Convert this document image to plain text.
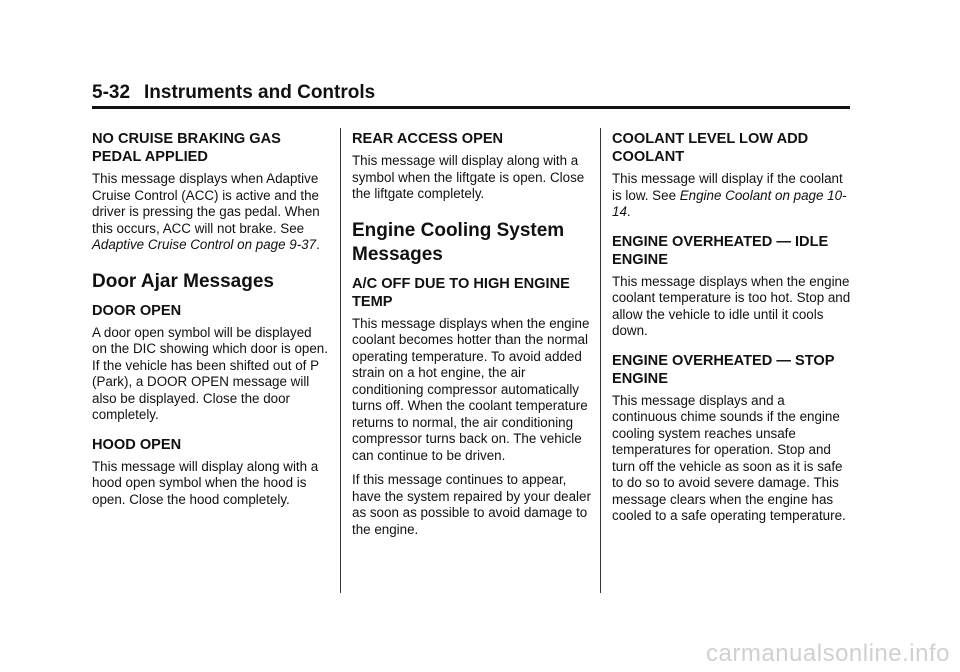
5-32 Instruments and Controls
NO CRUISE BRAKING GAS PEDAL APPLIED

This message displays when Adaptive Cruise Control (ACC) is active and the driver is pressing the gas pedal. When this occurs, ACC will not brake. See Adaptive Cruise Control on page 9-37.

Door Ajar Messages
DOOR OPEN

A door open symbol will be displayed on the DIC showing which door is open. If the vehicle has been shifted out of P (Park), a DOOR OPEN message will also be displayed. Close the door completely.

HOOD OPEN

This message will display along with a hood open symbol when the hood is open. Close the hood completely.

REAR ACCESS OPEN

This message will display along with a symbol when the liftgate is open. Close the liftgate completely.

Engine Cooling System Messages
A/C OFF DUE TO HIGH ENGINE TEMP

This message displays when the engine coolant becomes hotter than the normal operating temperature. To avoid added strain on a hot engine, the air conditioning compressor automatically turns off. When the coolant temperature returns to normal, the air conditioning compressor turns back on. The vehicle can continue to be driven.

If this message continues to appear, have the system repaired by your dealer as soon as possible to avoid damage to the engine.

COOLANT LEVEL LOW ADD COOLANT

This message will display if the coolant is low. See Engine Coolant on page 10-14.

ENGINE OVERHEATED — IDLE ENGINE

This message displays when the engine coolant temperature is too hot. Stop and allow the vehicle to idle until it cools down.

ENGINE OVERHEATED — STOP ENGINE

This message displays and a continuous chime sounds if the engine cooling system reaches unsafe temperatures for operation. Stop and turn off the vehicle as soon as it is safe to do so to avoid severe damage. This message clears when the engine has cooled to a safe operating temperature.

carmanualsonline.info
